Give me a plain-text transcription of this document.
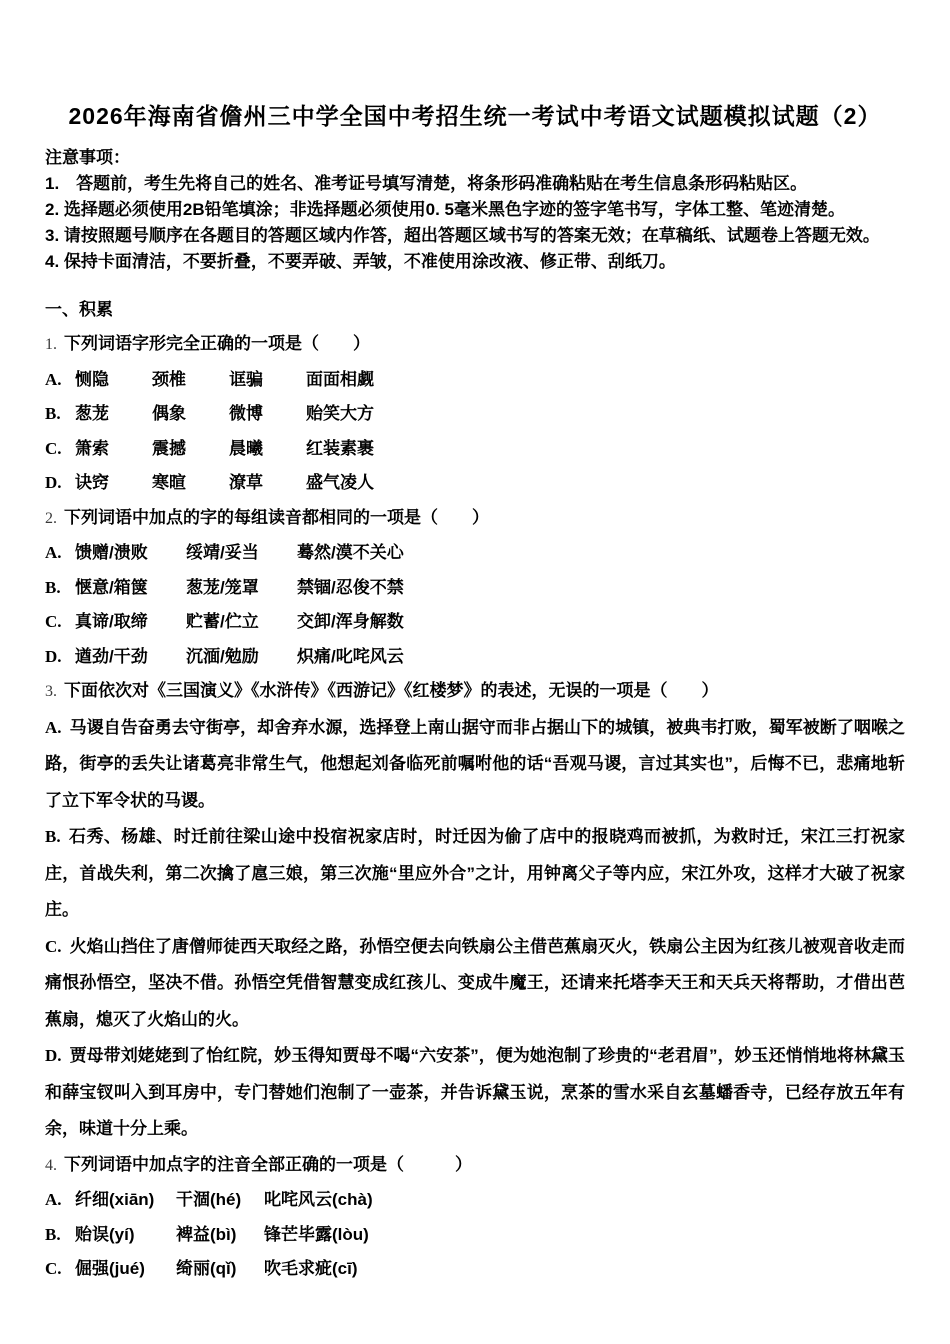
2026年海南省儋州三中学全国中考招生统一考试中考语文试题模拟试题（2）
注意事项：
1.　答题前，考生先将自己的姓名、准考证号填写清楚，将条形码准确粘贴在考生信息条形码粘贴区。
2. 选择题必须使用2B铅笔填涂；非选择题必须使用0. 5毫米黑色字迹的签字笔书写，字体工整、笔迹清楚。
3. 请按照题号顺序在各题目的答题区域内作答，超出答题区域书写的答案无效；在草稿纸、试题卷上答题无效。
4. 保持卡面清洁，不要折叠，不要弄破、弄皱，不准使用涂改液、修正带、刮纸刀。
一、积累
1. 下列词语字形完全正确的一项是（　　）
A. 恻隐	颈椎	诓骗	面面相觑
B. 葱茏	偶象	微博	贻笑大方
C. 箫索	震撼	晨曦	红装素裹
D. 诀窍	寒暄	潦草	盛气凌人
2. 下列词语中加点的字的每组读音都相同的一项是（　　）
A. 馈赠/溃败 绥靖/妥当 蓦然/漠不关心
B. 惬意/箱箧 葱茏/笼罩 禁锢/忍俊不禁
C. 真谛/取缔 贮蓄/伫立 交卸/浑身解数
D. 遒劲/干劲 沉湎/勉励 炽痛/叱咤风云
3. 下面依次对《三国演义》《水浒传》《西游记》《红楼梦》的表述，无误的一项是（　　）

A. 马谡自告奋勇去守街亭，却舍弃水源，选择登上南山据守而非占据山下的城镇，被典韦打败，蜀军被断了咽喉之路，街亭的丢失让诸葛亮非常生气，他想起刘备临死前嘱咐他的话“吾观马谡，言过其实也”，后悔不已，悲痛地斩了立下军令状的马谡。

B. 石秀、杨雄、时迁前往梁山途中投宿祝家店时，时迁因为偷了店中的报晓鸡而被抓，为救时迁，宋江三打祝家庄，首战失利，第二次擒了扈三娘，第三次施“里应外合”之计，用钟离父子等内应，宋江外攻，这样才大破了祝家庄。

C. 火焰山挡住了唐僧师徒西天取经之路，孙悟空便去向铁扇公主借芭蕉扇灭火，铁扇公主因为红孩儿被观音收走而痛恨孙悟空，坚决不借。孙悟空凭借智慧变成红孩儿、变成牛魔王，还请来托塔李天王和天兵天将帮助，才借出芭蕉扇，熄灭了火焰山的火。

D. 贾母带刘姥姥到了怡红院，妙玉得知贾母不喝“六安茶”，便为她泡制了珍贵的“老君眉”，妙玉还悄悄地将林黛玉和薛宝钗叫入到耳房中，专门替她们泡制了一壶茶，并告诉黛玉说，烹茶的雪水采自玄墓蟠香寺，已经存放五年有余，味道十分上乘。

4. 下列词语中加点字的注音全部正确的一项是（　　　）
A. 纤细(xiān) 干涸(hé) 叱咤风云(chà)
B. 贻误(yí) 裨益(bì) 锋芒毕露(lòu)
C. 倔强(jué) 绮丽(qǐ) 吹毛求疵(cī)
